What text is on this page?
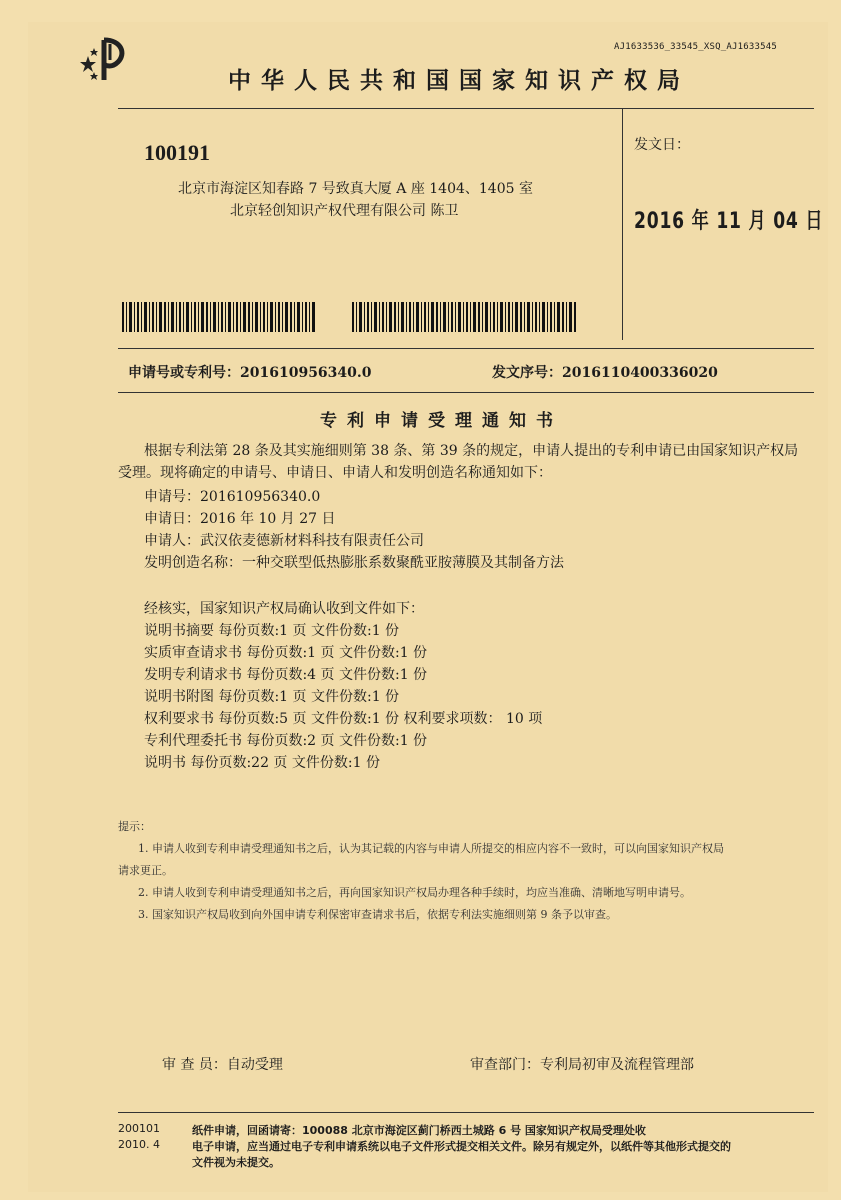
AJ1633536_33545_XSQ_AJ1633545
中华人民共和国国家知识产权局
100191
北京市海淀区知春路 7 号致真大厦 A 座 1404、1405 室
北京轻创知识产权代理有限公司 陈卫
发文日：
2016 年 11 月 04 日
申请号或专利号：201610956340.0	发文序号：2016110400336020
专利申请受理通知书
根据专利法第 28 条及其实施细则第 38 条、第 39 条的规定，申请人提出的专利申请已由国家知识产权局
受理。现将确定的申请号、申请日、申请人和发明创造名称通知如下：
申请号：201610956340.0
申请日：2016 年 10 月 27 日
申请人：武汉依麦德新材料科技有限责任公司
发明创造名称：一种交联型低热膨胀系数聚酰亚胺薄膜及其制备方法
经核实，国家知识产权局确认收到文件如下：
说明书摘要 每份页数:1 页 文件份数:1 份
实质审查请求书 每份页数:1 页 文件份数:1 份
发明专利请求书 每份页数:4 页 文件份数:1 份
说明书附图 每份页数:1 页 文件份数:1 份
权利要求书 每份页数:5 页 文件份数:1 份 权利要求项数： 10 项
专利代理委托书 每份页数:2 页 文件份数:1 份
说明书 每份页数:22 页 文件份数:1 份
提示：
1. 申请人收到专利申请受理通知书之后，认为其记载的内容与申请人所提交的相应内容不一致时，可以向国家知识产权局
请求更正。
2. 申请人收到专利申请受理通知书之后，再向国家知识产权局办理各种手续时，均应当准确、清晰地写明申请号。
3. 国家知识产权局收到向外国申请专利保密审查请求书后，依据专利法实施细则第 9 条予以审查。
审 查 员：自动受理	审查部门：专利局初审及流程管理部
200101
2010. 4
纸件申请，回函请寄：100088 北京市海淀区蓟门桥西土城路 6 号 国家知识产权局受理处收
电子申请，应当通过电子专利申请系统以电子文件形式提交相关文件。除另有规定外，以纸件等其他形式提交的
文件视为未提交。
